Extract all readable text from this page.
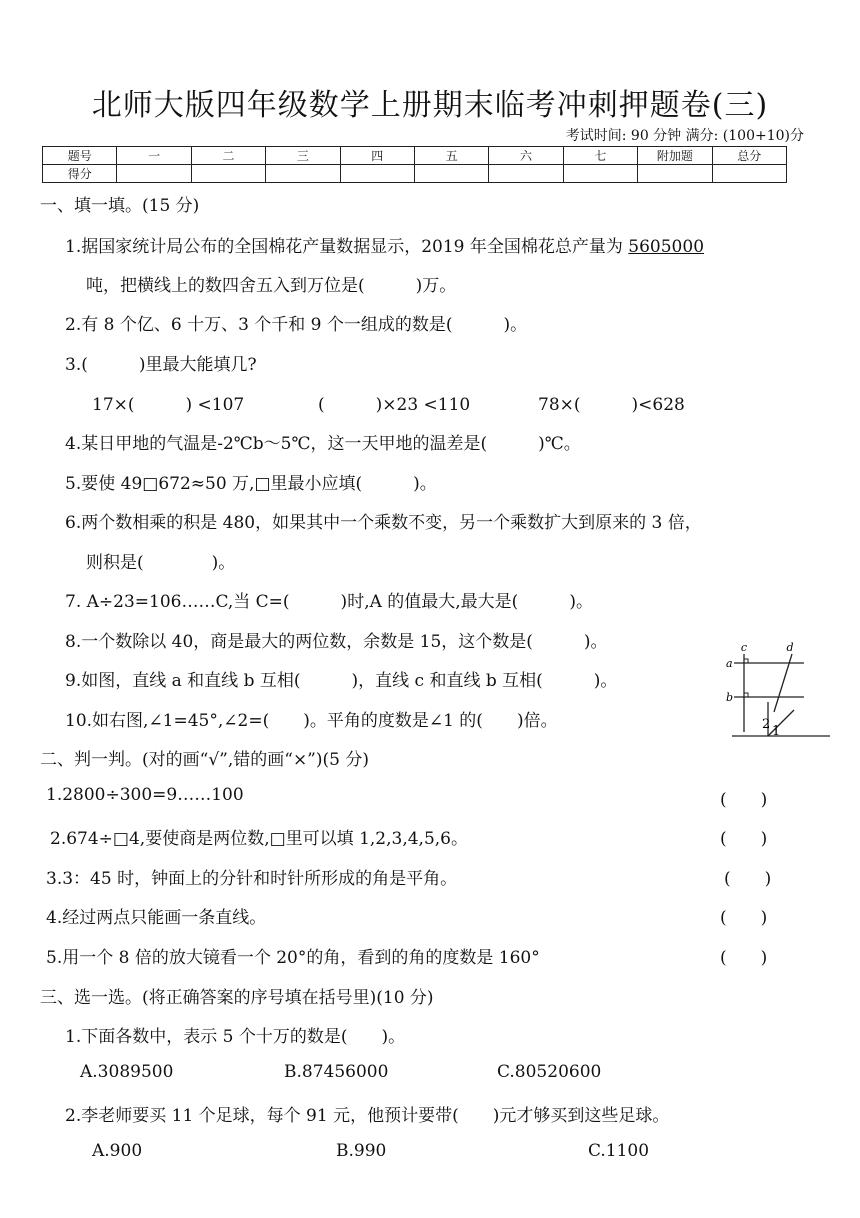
北师大版四年级数学上册期末临考冲刺押题卷(三)
考试时间: 90 分钟 满分: (100+10)分
题号	一	二	三	四	五	六	七	附加题	总分
得分									
一、填一填。(15 分)
1.据国家统计局公布的全国棉花产量数据显示，2019 年全国棉花总产量为 5605000
吨，把横线上的数四舍五入到万位是(　　　)万。
2.有 8 个亿、6 十万、3 个千和 9 个一组成的数是(　　　)。
3.(　　　)里最大能填几?
17×(　　　) <107	(　　　)×23 <110	78×(　　　)<628
4.某日甲地的气温是-2℃b～5℃，这一天甲地的温差是(　　　)℃。
5.要使 49□672≈50 万,□里最小应填(　　　)。
6.两个数相乘的积是 480，如果其中一个乘数不变，另一个乘数扩大到原来的 3 倍，
则积是(　　　　)。
7. A÷23=106……C,当 C=(　　　)时,A 的值最大,最大是(　　　)。
8.一个数除以 40，商是最大的两位数，余数是 15，这个数是(　　　)。
9.如图，直线 a 和直线 b 互相(　　　)，直线 c 和直线 b 互相(　　　)。
10.如右图,∠1=45°,∠2=(　　)。平角的度数是∠1 的(　　)倍。
c	d
a
b
2 1
二、判一判。(对的画“√”,错的画“×”)(5 分)
1.2800÷300=9……100	(　　)
2.674÷□4,要使商是两位数,□里可以填 1,2,3,4,5,6。	(　　)
3.3：45 时，钟面上的分针和时针所形成的角是平角。	(　　)
4.经过两点只能画一条直线。	(　　)
5.用一个 8 倍的放大镜看一个 20°的角，看到的角的度数是 160°	(　　)
三、选一选。(将正确答案的序号填在括号里)(10 分)
1.下面各数中，表示 5 个十万的数是(　　)。
A.3089500	B.87456000	C.80520600
2.李老师要买 11 个足球，每个 91 元，他预计要带(　　)元才够买到这些足球。
A.900	B.990	C.1100
